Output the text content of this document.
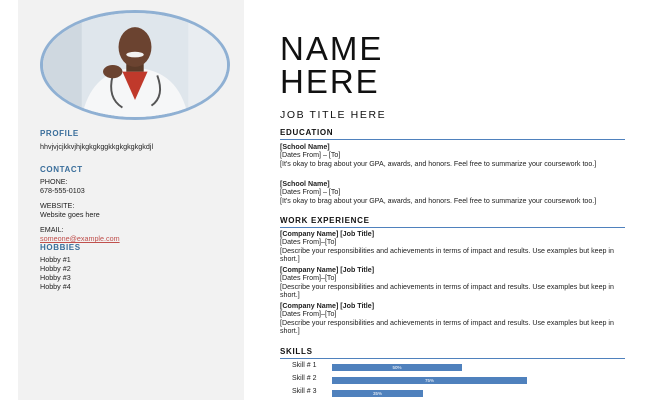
PROFILE
hhvjvjcjkkvjhjkgkgkggkkgkgkgkgkdjl
CONTACT
PHONE:
678-555-0103
WEBSITE:
Website goes here
EMAIL:
someone@example.com
HOBBIES
Hobby #1
Hobby #2
Hobby #3
Hobby #4
NAME
HERE
JOB TITLE HERE
EDUCATION
[School Name]
[Dates From] – [To]
[It's okay to brag about your GPA, awards, and honors. Feel free to summarize your coursework too.]
[School Name]
[Dates From] – [To]
[It's okay to brag about your GPA, awards, and honors. Feel free to summarize your coursework too.]
WORK EXPERIENCE
[Company Name] [Job Title]
[Dates From]–[To]
[Describe your responsibilities and achievements in terms of impact and results. Use examples but keep in short.]
[Company Name] [Job Title]
[Dates From]–[To]
[Describe your responsibilities and achievements in terms of impact and results. Use examples but keep in short.]
[Company Name] [Job Title]
[Dates From]–[To]
[Describe your responsibilities and achievements in terms of impact and results. Use examples but keep in short.]
SKILLS
Skill # 1	50%
Skill # 2	75%
Skill # 3	35%
